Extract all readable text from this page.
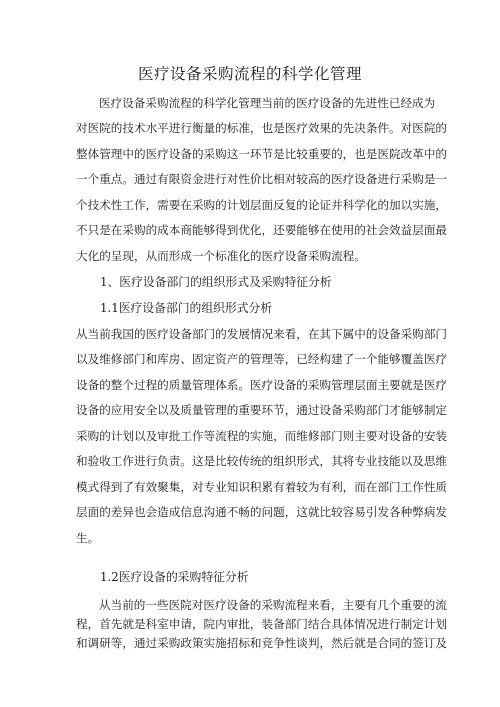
医疗设备采购流程的科学化管理
医疗设备采购流程的科学化管理当前的医疗设备的先进性已经成为
对医院的技术水平进行衡量的标准，也是医疗效果的先决条件。对医院的
整体管理中的医疗设备的采购这一环节是比较重要的，也是医院改革中的
一个重点。通过有限资金进行对性价比相对较高的医疗设备进行采购是一
个技术性工作，需要在采购的计划层面反复的论证并科学化的加以实施，
不只是在采购的成本商能够得到优化，还要能够在使用的社会效益层面最
大化的呈现，从而形成一个标准化的医疗设备采购流程。
1、医疗设备部门的组织形式及采购特征分析
1.1医疗设备部门的组织形式分析
从当前我国的医疗设备部门的发展情况来看，在其下属中的设备采购部门
以及维修部门和库房、固定资产的管理等，已经构建了一个能够覆盖医疗
设备的整个过程的质量管理体系。医疗设备的采购管理层面主要就是医疗
设备的应用安全以及质量管理的重要环节，通过设备采购部门才能够制定
采购的计划以及审批工作等流程的实施，而维修部门则主要对设备的安装
和验收工作进行负责。这是比较传统的组织形式，其将专业技能以及思维
模式得到了有效聚集，对专业知识积累有着较为有利，而在部门工作性质
层面的差异也会造成信息沟通不畅的问题，这就比较容易引发各种弊病发
生。
1.2医疗设备的采购特征分析
从当前的一些医院对医疗设备的采购流程来看，主要有几个重要的流
程，首先就是科室申请，院内审批，装备部门结合具体情况进行制定计划
和调研等，通过采购政策实施招标和竞争性谈判，然后就是合同的签订及
